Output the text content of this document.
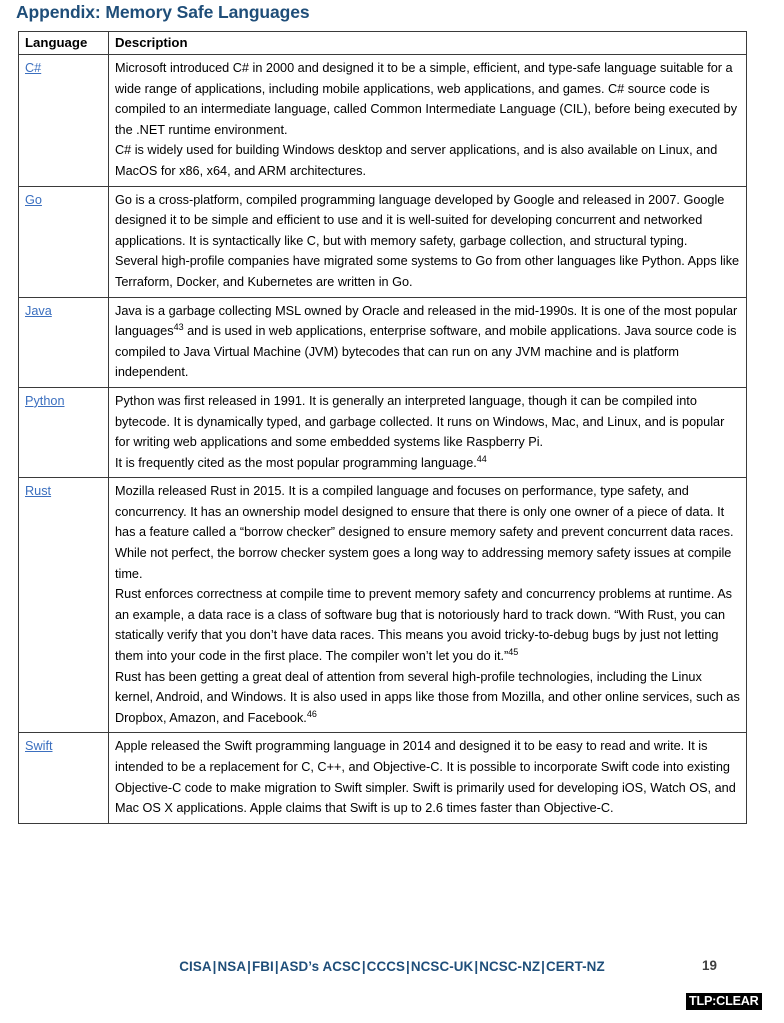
Appendix: Memory Safe Languages
Language	Description
C#	Microsoft introduced C# in 2000 and designed it to be a simple, efficient, and type-safe language suitable for a wide range of applications, including mobile applications, web applications, and games. C# source code is compiled to an intermediate language, called Common Intermediate Language (CIL), before being executed by the .NET runtime environment.

C# is widely used for building Windows desktop and server applications, and is also available on Linux, and MacOS for x86, x64, and ARM architectures.

Go	Go is a cross-platform, compiled programming language developed by Google and released in 2007. Google designed it to be simple and efficient to use and it is well-suited for developing concurrent and networked applications. It is syntactically like C, but with memory safety, garbage collection, and structural typing.

Several high-profile companies have migrated some systems to Go from other languages like Python. Apps like Terraform, Docker, and Kubernetes are written in Go.

Java	Java is a garbage collecting MSL owned by Oracle and released in the mid-1990s. It is one of the most popular languages$^{43}$ and is used in web applications, enterprise software, and mobile applications. Java source code is compiled to Java Virtual Machine (JVM) bytecodes that can run on any JVM machine and is platform independent.

Python	Python was first released in 1991. It is generally an interpreted language, though it can be compiled into bytecode. It is dynamically typed, and garbage collected. It runs on Windows, Mac, and Linux, and is popular for writing web applications and some embedded systems like Raspberry Pi.

It is frequently cited as the most popular programming language.$^{44}$

Rust	Mozilla released Rust in 2015. It is a compiled language and focuses on performance, type safety, and concurrency. It has an ownership model designed to ensure that there is only one owner of a piece of data. It has a feature called a “borrow checker” designed to ensure memory safety and prevent concurrent data races. While not perfect, the borrow checker system goes a long way to addressing memory safety issues at compile time.

Rust enforces correctness at compile time to prevent memory safety and concurrency problems at runtime. As an example, a data race is a class of software bug that is notoriously hard to track down. “With Rust, you can statically verify that you don’t have data races. This means you avoid tricky-to-debug bugs by just not letting them into your code in the first place. The compiler won’t let you do it.”$^{45}$

Rust has been getting a great deal of attention from several high-profile technologies, including the Linux kernel, Android, and Windows. It is also used in apps like those from Mozilla, and other online services, such as Dropbox, Amazon, and Facebook.$^{46}$

Swift	Apple released the Swift programming language in 2014 and designed it to be easy to read and write. It is intended to be a replacement for C, C++, and Objective-C. It is possible to incorporate Swift code into existing Objective-C code to make migration to Swift simpler. Swift is primarily used for developing iOS, Watch OS, and Mac OS X applications. Apple claims that Swift is up to 2.6 times faster than Objective-C.

CISA|NSA|FBI|ASD’s ACSC|CCCS|NCSC-UK|NCSC-NZ|CERT-NZ	19
TLP:CLEAR
